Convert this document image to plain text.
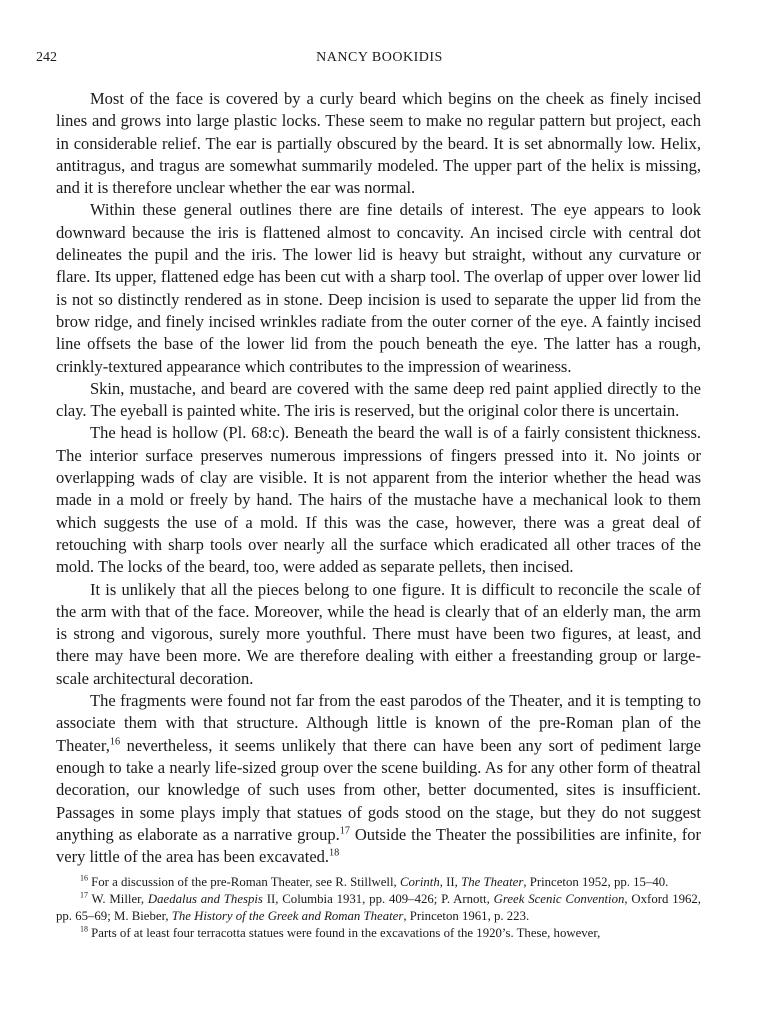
242	NANCY BOOKIDIS

Most of the face is covered by a curly beard which begins on the cheek as finely incised lines and grows into large plastic locks. These seem to make no regular pattern but project, each in considerable relief. The ear is partially obscured by the beard. It is set abnormally low. Helix, antitragus, and tragus are somewhat summarily modeled. The upper part of the helix is missing, and it is therefore unclear whether the ear was normal.

Within these general outlines there are fine details of interest. The eye appears to look downward because the iris is flattened almost to concavity. An incised circle with central dot delineates the pupil and the iris. The lower lid is heavy but straight, without any curvature or flare. Its upper, flattened edge has been cut with a sharp tool. The overlap of upper over lower lid is not so distinctly rendered as in stone. Deep incision is used to separate the upper lid from the brow ridge, and finely incised wrinkles radiate from the outer corner of the eye. A faintly incised line offsets the base of the lower lid from the pouch beneath the eye. The latter has a rough, crinkly-textured appearance which contributes to the impression of weariness.

Skin, mustache, and beard are covered with the same deep red paint applied directly to the clay. The eyeball is painted white. The iris is reserved, but the original color there is uncertain.

The head is hollow (Pl. 68:c). Beneath the beard the wall is of a fairly consistent thickness. The interior surface preserves numerous impressions of fingers pressed into it. No joints or overlapping wads of clay are visible. It is not apparent from the interior whether the head was made in a mold or freely by hand. The hairs of the mustache have a mechanical look to them which suggests the use of a mold. If this was the case, however, there was a great deal of retouching with sharp tools over nearly all the surface which eradicated all other traces of the mold. The locks of the beard, too, were added as separate pellets, then incised.

It is unlikely that all the pieces belong to one figure. It is difficult to reconcile the scale of the arm with that of the face. Moreover, while the head is clearly that of an elderly man, the arm is strong and vigorous, surely more youthful. There must have been two figures, at least, and there may have been more. We are therefore dealing with either a freestanding group or large-scale architectural decoration.

The fragments were found not far from the east parodos of the Theater, and it is tempting to associate them with that structure. Although little is known of the pre-Roman plan of the Theater,$^{16}$ nevertheless, it seems unlikely that there can have been any sort of pediment large enough to take a nearly life-sized group over the scene building. As for any other form of theatral decoration, our knowledge of such uses from other, better documented, sites is insufficient. Passages in some plays imply that statues of gods stood on the stage, but they do not suggest anything as elaborate as a narrative group.$^{17}$ Outside the Theater the possibilities are infinite, for very little of the area has been excavated.$^{18}$

$^{16}$ For a discussion of the pre-Roman Theater, see R. Stillwell, Corinth, II, The Theater, Princeton 1952, pp. 15–40.

$^{17}$ W. Miller, Daedalus and Thespis II, Columbia 1931, pp. 409–426; P. Arnott, Greek Scenic Convention, Oxford 1962, pp. 65–69; M. Bieber, The History of the Greek and Roman Theater, Princeton 1961, p. 223.

$^{18}$ Parts of at least four terracotta statues were found in the excavations of the 1920’s. These, however,
